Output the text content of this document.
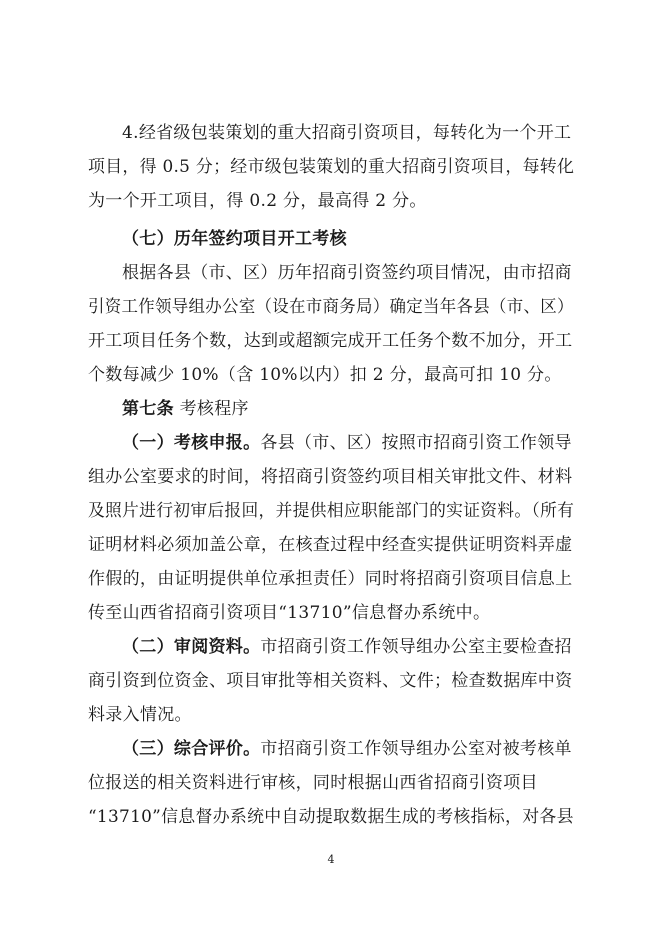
4.经省级包装策划的重大招商引资项目，每转化为一个开工

项目，得 0.5 分；经市级包装策划的重大招商引资项目，每转化

为一个开工项目，得 0.2 分，最高得 2 分。

（七）历年签约项目开工考核

根据各县（市、区）历年招商引资签约项目情况，由市招商

引资工作领导组办公室（设在市商务局）确定当年各县（市、区）

开工项目任务个数，达到或超额完成开工任务个数不加分，开工

个数每减少 10%（含 10%以内）扣 2 分，最高可扣 10 分。

第七条 考核程序

（一）考核申报。各县（市、区）按照市招商引资工作领导

组办公室要求的时间，将招商引资签约项目相关审批文件、材料

及照片进行初审后报回，并提供相应职能部门的实证资料。（所有

证明材料必须加盖公章，在核查过程中经查实提供证明资料弄虚

作假的，由证明提供单位承担责任）同时将招商引资项目信息上

传至山西省招商引资项目“13710”信息督办系统中。

（二）审阅资料。市招商引资工作领导组办公室主要检查招

商引资到位资金、项目审批等相关资料、文件；检查数据库中资

料录入情况。

（三）综合评价。市招商引资工作领导组办公室对被考核单

位报送的相关资料进行审核，同时根据山西省招商引资项目

“13710”信息督办系统中自动提取数据生成的考核指标，对各县

4
